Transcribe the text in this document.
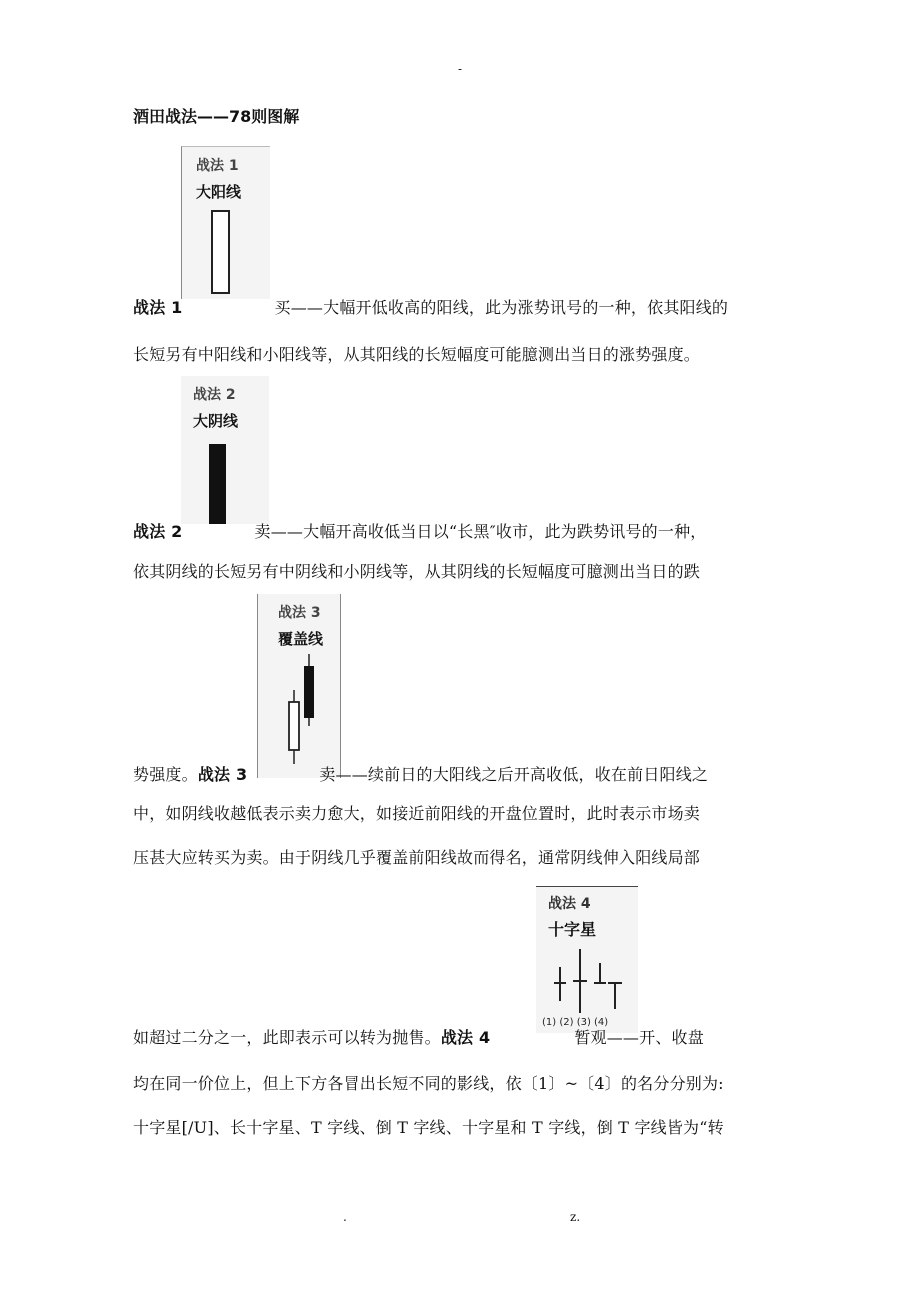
-
酒田战法——78则图解
战法 1
大阳线
战法 1	买——大幅开低收高的阳线，此为涨势讯号的一种，依其阳线的
长短另有中阳线和小阳线等，从其阳线的长短幅度可能臆测出当日的涨势强度。
战法 2
大阴线
战法 2	卖——大幅开高收低当日以“长黑″收市，此为跌势讯号的一种，
依其阴线的长短另有中阴线和小阴线等，从其阴线的长短幅度可臆测出当日的跌
战法 3
覆盖线
势强度。战法 3	卖——续前日的大阳线之后开高收低，收在前日阳线之
中，如阴线收越低表示卖力愈大，如接近前阳线的开盘位置时，此时表示市场卖
压甚大应转买为卖。由于阴线几乎覆盖前阳线故而得名，通常阴线伸入阳线局部
战法 4
十字星
(1) (2) (3) (4)
如超过二分之一，此即表示可以转为抛售。战法 4	暂观——开、收盘
均在同一价位上，但上下方各冒出长短不同的影线，依〔1〕~〔4〕的名分分别为:
十字星[/U]、长十字星、T 字线、倒 T 字线、十字星和 T 字线，倒 T 字线皆为“转
.	z.
